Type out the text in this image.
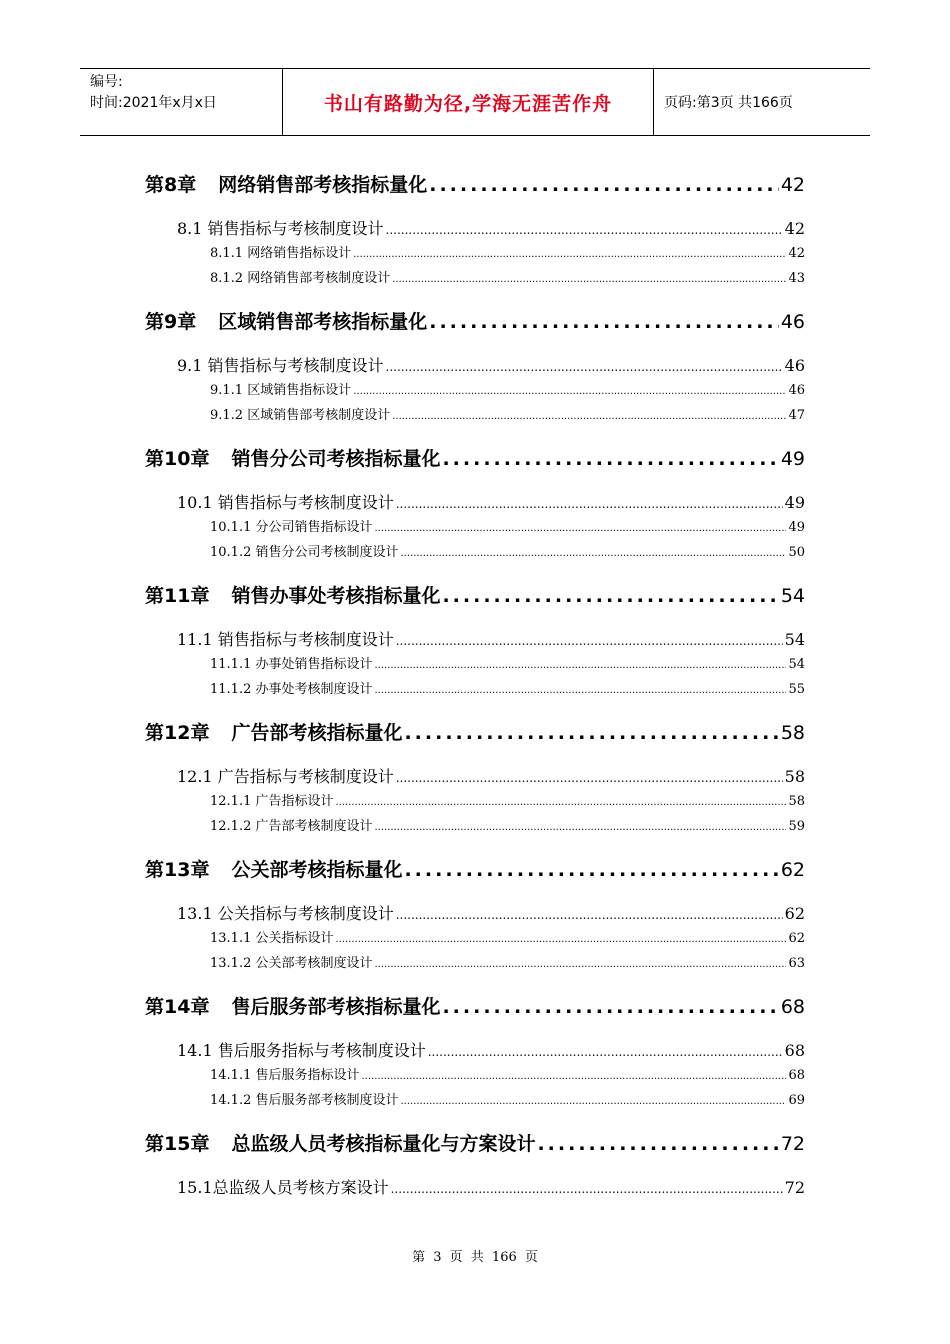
编号:
时间:2021年x月x日	书山有路勤为径,学海无涯苦作舟	页码:第3页 共166页
第8章 网络销售部考核指标量化 .....	42
8.1 销售指标与考核制度设计 .....	42
8.1.1 网络销售指标设计 .....	42
8.1.2 网络销售部考核制度设计 .....	43
第9章 区域销售部考核指标量化 .....	46
9.1 销售指标与考核制度设计 .....	46
9.1.1 区域销售指标设计 .....	46
9.1.2 区域销售部考核制度设计 .....	47
第10章 销售分公司考核指标量化 .....	49
10.1 销售指标与考核制度设计 .....	49
10.1.1 分公司销售指标设计 .....	49
10.1.2 销售分公司考核制度设计 .....	50
第11章 销售办事处考核指标量化 .....	54
11.1 销售指标与考核制度设计 .....	54
11.1.1 办事处销售指标设计 .....	54
11.1.2 办事处考核制度设计 .....	55
第12章 广告部考核指标量化 .....	58
12.1 广告指标与考核制度设计 .....	58
12.1.1 广告指标设计 .....	58
12.1.2 广告部考核制度设计 .....	59
第13章 公关部考核指标量化 .....	62
13.1 公关指标与考核制度设计 .....	62
13.1.1 公关指标设计 .....	62
13.1.2 公关部考核制度设计 .....	63
第14章 售后服务部考核指标量化 .....	68
14.1 售后服务指标与考核制度设计 .....	68
14.1.1 售后服务指标设计 .....	68
14.1.2 售后服务部考核制度设计 .....	69
第15章 总监级人员考核指标量化与方案设计 .....	72
15.1总监级人员考核方案设计 .....	72
第 3 页 共 166 页
